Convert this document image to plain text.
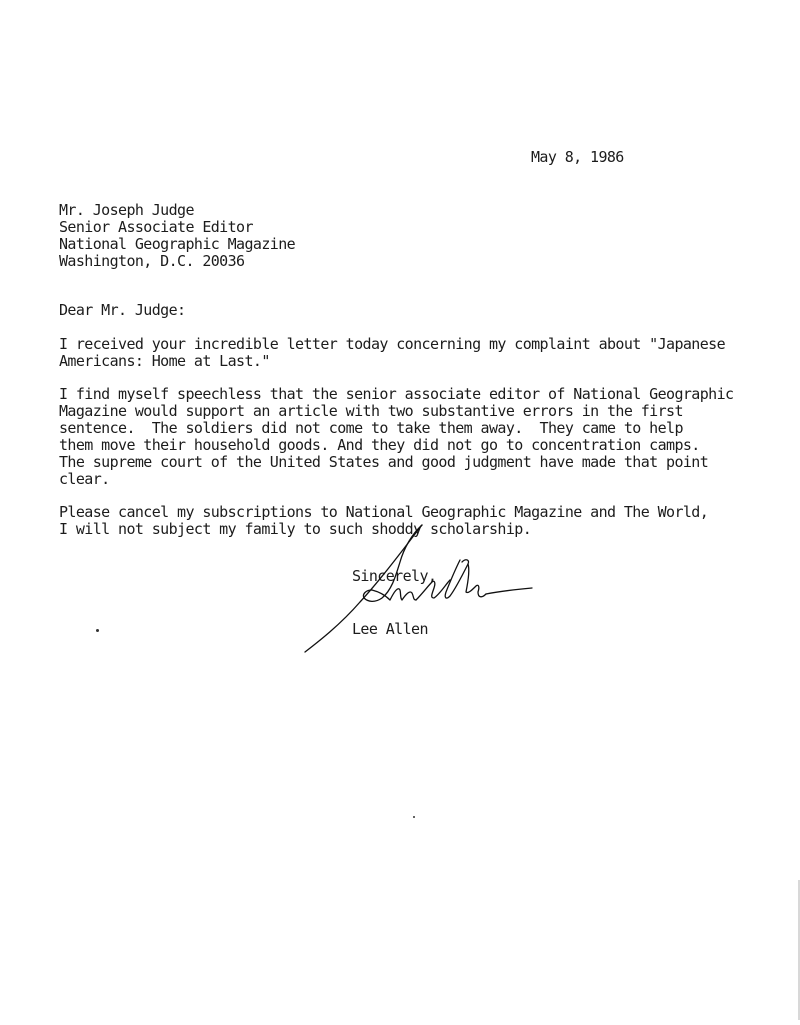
May 8, 1986
Mr. Joseph Judge
Senior Associate Editor
National Geographic Magazine
Washington, D.C. 20036
Dear Mr. Judge:
I received your incredible letter today concerning my complaint about "Japanese
Americans: Home at Last."
I find myself speechless that the senior associate editor of National Geographic
Magazine would support an article with two substantive errors in the first
sentence.  The soldiers did not come to take them away.  They came to help
them move their household goods. And they did not go to concentration camps.
The supreme court of the United States and good judgment have made that point
clear.
Please cancel my subscriptions to National Geographic Magazine and The World,
I will not subject my family to such shoddy scholarship.
Sincerely,
Lee Allen
